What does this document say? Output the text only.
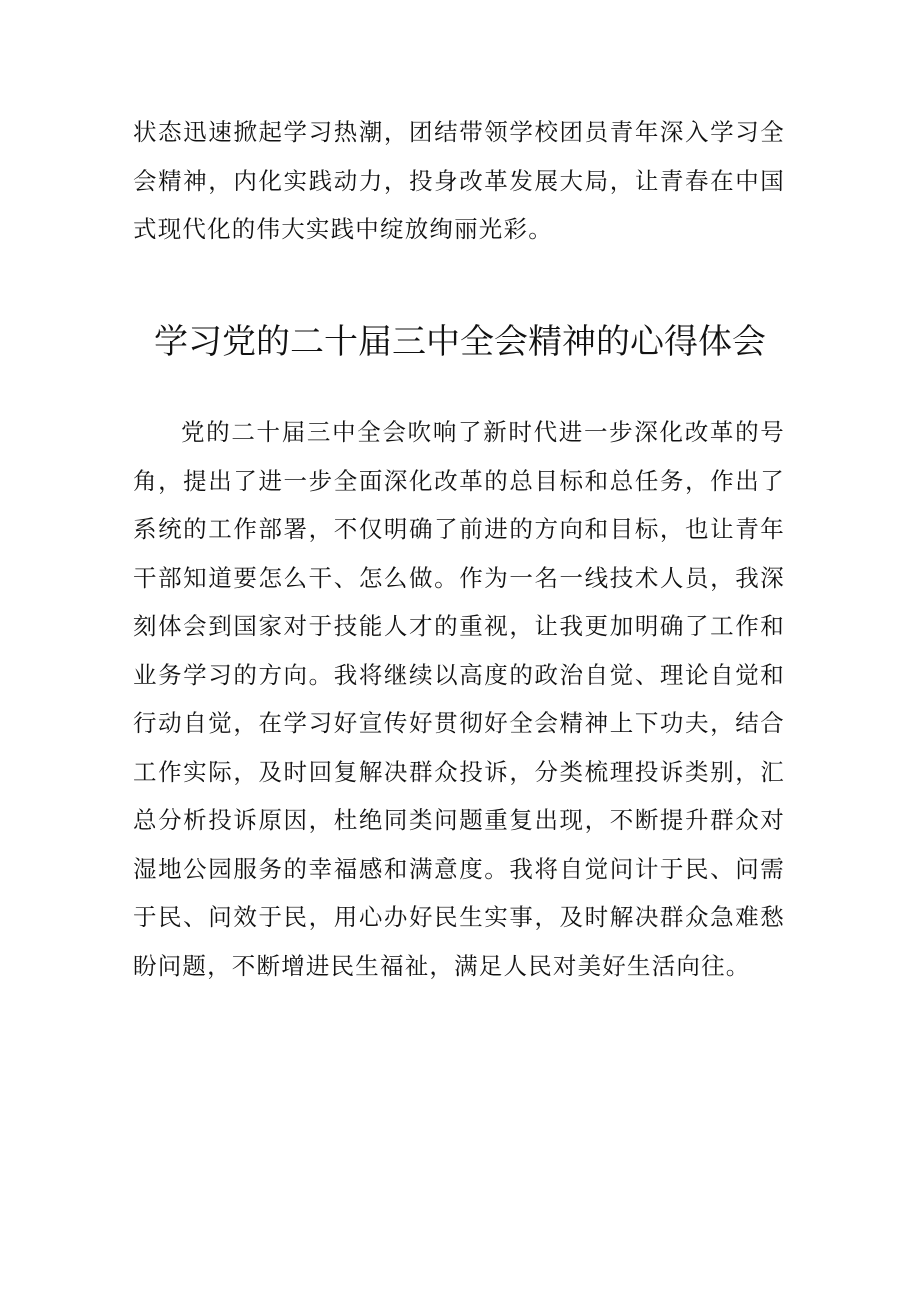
状态迅速掀起学习热潮，团结带领学校团员青年深入学习全会精神，内化实践动力，投身改革发展大局，让青春在中国式现代化的伟大实践中绽放绚丽光彩。

学习党的二十届三中全会精神的心得体会

党的二十届三中全会吹响了新时代进一步深化改革的号角，提出了进一步全面深化改革的总目标和总任务，作出了系统的工作部署，不仅明确了前进的方向和目标，也让青年干部知道要怎么干、怎么做。作为一名一线技术人员，我深刻体会到国家对于技能人才的重视，让我更加明确了工作和业务学习的方向。我将继续以高度的政治自觉、理论自觉和行动自觉，在学习好宣传好贯彻好全会精神上下功夫，结合工作实际，及时回复解决群众投诉，分类梳理投诉类别，汇总分析投诉原因，杜绝同类问题重复出现，不断提升群众对湿地公园服务的幸福感和满意度。我将自觉问计于民、问需于民、问效于民，用心办好民生实事，及时解决群众急难愁盼问题，不断增进民生福祉，满足人民对美好生活向往。
